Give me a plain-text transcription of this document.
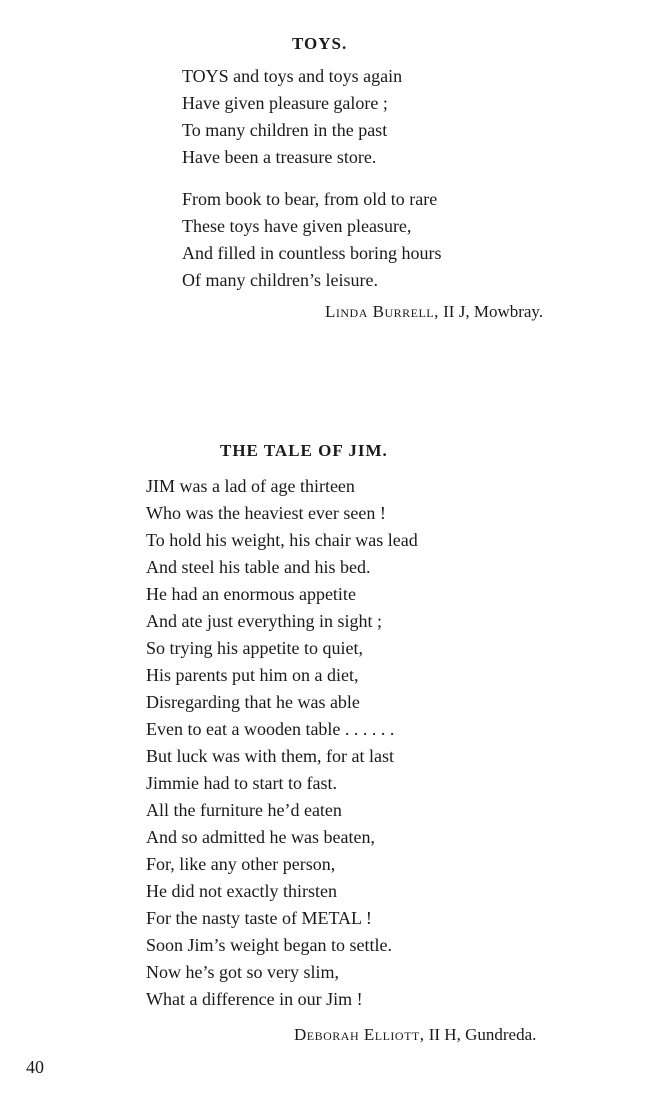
TOYS.
TOYS and toys and toys again
Have given pleasure galore ;
To many children in the past
Have been a treasure store.
From book to bear, from old to rare
These toys have given pleasure,
And filled in countless boring hours
Of many children’s leisure.
Linda Burrell, II J, Mowbray.
THE TALE OF JIM.
JIM was a lad of age thirteen
Who was the heaviest ever seen !
To hold his weight, his chair was lead
And steel his table and his bed.
He had an enormous appetite
And ate just everything in sight ;
So trying his appetite to quiet,
His parents put him on a diet,
Disregarding that he was able
Even to eat a wooden table . . . . . .
But luck was with them, for at last
Jimmie had to start to fast.
All the furniture he’d eaten
And so admitted he was beaten,
For, like any other person,
He did not exactly thirsten
For the nasty taste of METAL !
Soon Jim’s weight began to settle.
Now he’s got so very slim,
What a difference in our Jim !
Deborah Elliott, II H, Gundreda.
40
